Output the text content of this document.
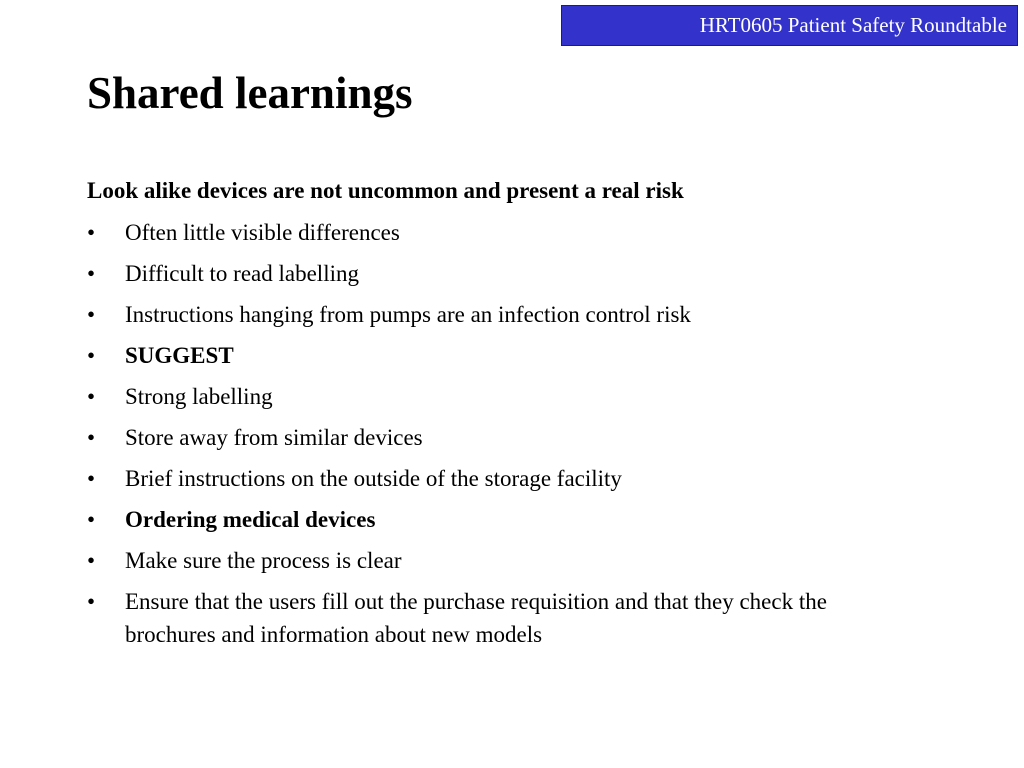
HRT0605 Patient Safety Roundtable
Shared learnings
Look alike devices are not uncommon and present a real risk
• Often little visible differences
• Difficult to read labelling
• Instructions hanging from pumps are an infection control risk
• SUGGEST
• Strong labelling
• Store away from similar devices
• Brief instructions on the outside of the storage facility
• Ordering medical devices
• Make sure the process is clear
• Ensure that the users fill out the purchase requisition and that they check the brochures and information about new models
